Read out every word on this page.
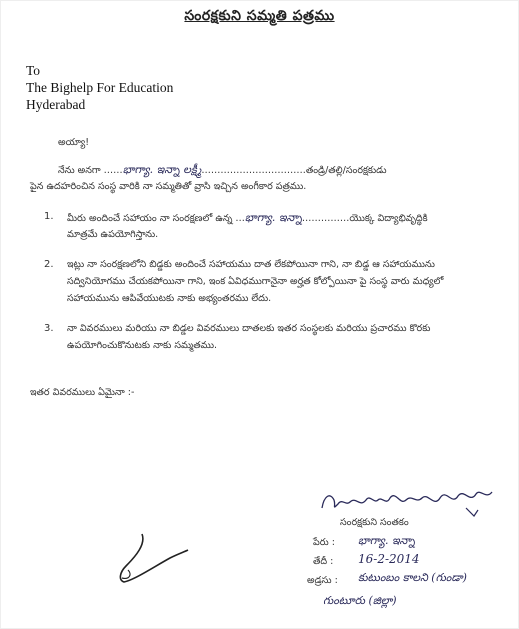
సంరక్షకుని సమ్మతి పత్రము
To
The Bighelp For Education
Hyderabad
అయ్యా!
నేను అనగా ……భాగ్యా. ఇన్నా లక్ష్మీ……………………………తండ్రి/తల్లి/సంరక్షకుడు
పైన ఉదహరించిన సంస్థ వారికి నా సమ్మతితో వ్రాసి ఇచ్చిన అంగీకార పత్రము.
1. మీరు అందించే సహాయం నా సంరక్షణలో ఉన్న …భాగ్యా. ఇన్నా……………యొక్క విద్యాభివృద్ధికి
మాత్రమే ఉపయోగిస్తాను.
2. ఇట్లు నా సంరక్షణలోని బిడ్డకు అందించే సహాయము దాత లేకపోయినా గాని, నా బిడ్డ ఆ సహాయమును
సద్వినియోగము చేయకపోయినా గాని, ఇంక ఏవిధముగానైనా అర్హత కోల్పోయినా పై సంస్థ వారు మధ్యలో
సహాయమును ఆపివేయుటకు నాకు అభ్యంతరము లేదు.
3. నా వివరములు మరియు నా బిడ్డల వివరములు దాతలకు ఇతర సంస్థలకు మరియు ప్రచారము కొరకు
ఉపయోగించుకొనుటకు నాకు సమ్మతము.
ఇతర వివరములు ఏమైనా :-
సంరక్షకుని సంతకం
పేరు : భాగ్యా. ఇన్నా
తేదీ : 16-2-2014
అడ్రసు : కుటుంబం కాలని (గుండా)
గుంటూరు (జిల్లా)
